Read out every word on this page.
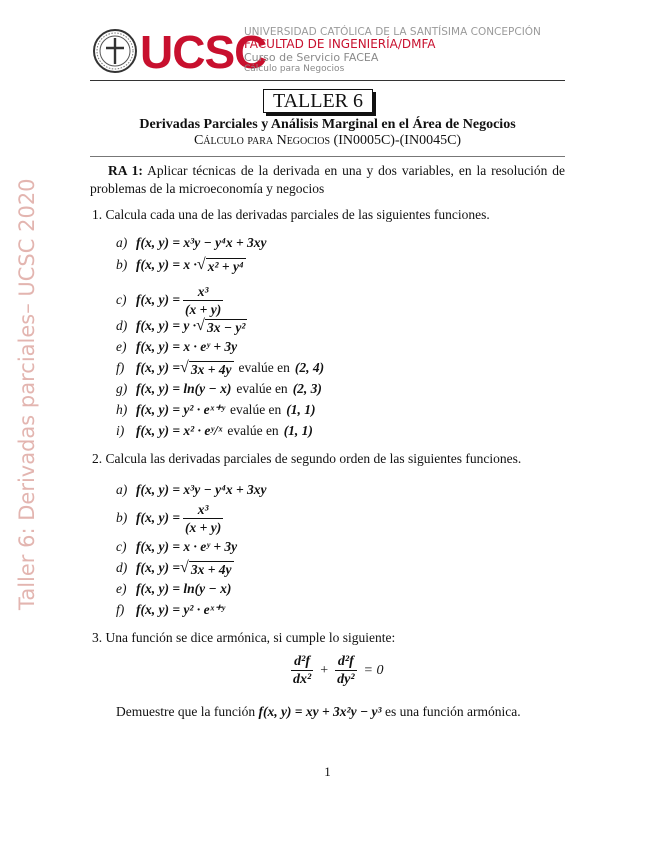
UCSC
UNIVERSIDAD CATÓLICA DE LA SANTÍSIMA CONCEPCIÓN
FACULTAD DE INGENIERÍA/DMFA
Curso de Servicio FACEA
Cálculo para Negocios
Taller 6: Derivadas parciales– UCSC 2020
TALLER 6
Derivadas Parciales y Análisis Marginal en el Área de Negocios
Cálculo para Negocios (IN0005C)-(IN0045C)
RA 1: Aplicar técnicas de la derivada en una y dos variables, en la resolución de problemas de la microeconomía y negocios
1. Calcula cada una de las derivadas parciales de las siguientes funciones.
a) f(x, y) = x³y − y⁴x + 3xy
b) f(x, y) = x · √ x² + y⁴
c) f(x, $y) = \frac{\text{x³}}{(x + y)}$
d) f(x, y) = y · √ 3x − y²
e) f(x, y) = x · eʸ + 3y
f) f(x, y) = √ 3x + 4y evalúe en (2, 4)
g) f(x, y) = ln(y − x) evalúe en (2, 3)
h) f(x, y) = y² · eˣ⁺ʸ evalúe en (1, 1)
i) f(x, y) = x² · eʸ/ˣ evalúe en (1, 1)
2. Calcula las derivadas parciales de segundo orden de las siguientes funciones.
a) f(x, y) = x³y − y⁴x + 3xy
b) f(x, $y) = \frac{\text{x³}}{(x + y)}$
c) f(x, y) = x · eʸ + 3y
d) f(x, y) = √ 3x + 4y
e) f(x, y) = ln(y − x)
f) f(x, y) = y² · eˣ⁺ʸ
3. Una función se dice armónica, si cumple lo siguiente:
$\frac{\text{d²f}}{\text{dx²}} + \frac{\text{d²f}}{\text{dy²}} = 0$
Demuestre que la función f(x, y) = xy + 3x²y − y³ es una función armónica.
1
